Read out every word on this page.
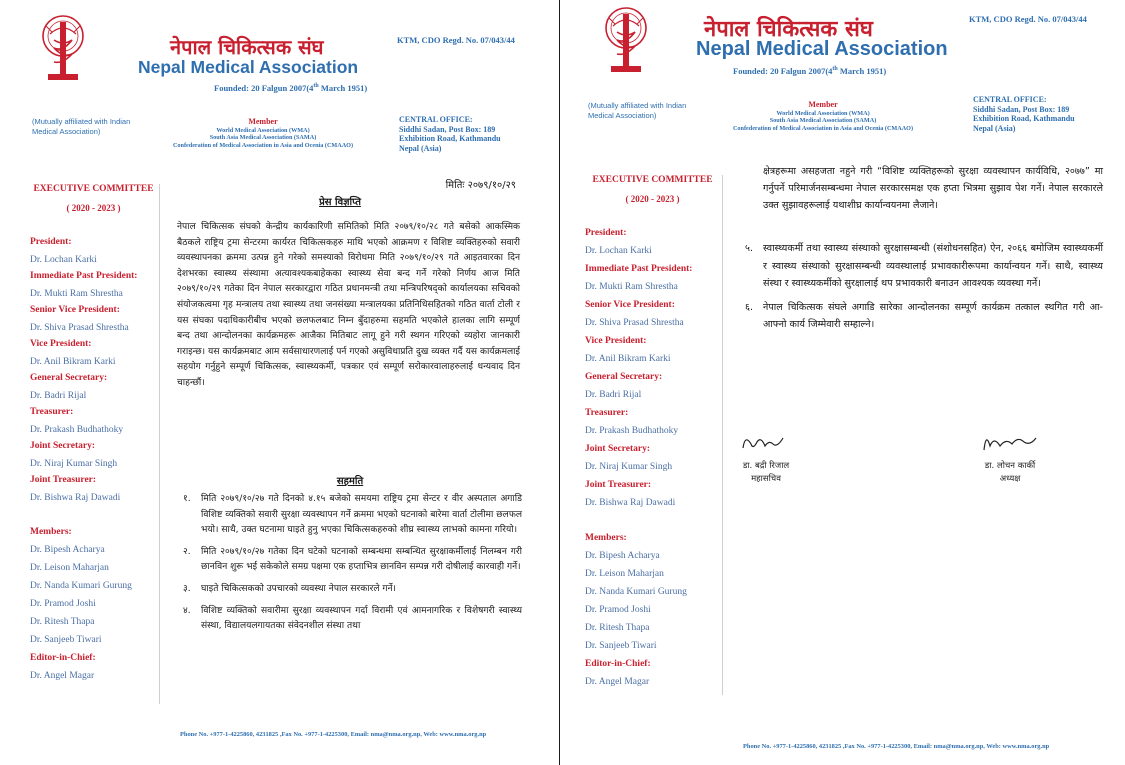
नेपाल चिकित्सक संघ
Nepal Medical Association
KTM, CDO Regd. No. 07/043/44
Founded: 20 Falgun 2007(4th March 1951)
(Mutually affiliated with Indian Medical Association)
Member
World Medical Association (WMA)
South Asia Medical Association (SAMA)
Confederation of Medical Association in Asia and Ocenia (CMAAO)
CENTRAL OFFICE:
Siddhi Sadan, Post Box: 189
Exhibition Road, Kathmandu
Nepal (Asia)
EXECUTIVE COMMITTEE
( 2020 - 2023 )
President:
Dr. Lochan Karki
Immediate Past President:
Dr. Mukti Ram Shrestha
Senior Vice President:
Dr. Shiva Prasad Shrestha
Vice President:
Dr. Anil Bikram Karki
General Secretary:
Dr. Badri Rijal
Treasurer:
Dr. Prakash Budhathoky
Joint Secretary:
Dr. Niraj Kumar Singh
Joint Treasurer:
Dr. Bishwa Raj Dawadi
Members:
Dr. Bipesh Acharya
Dr. Leison Maharjan
Dr. Nanda Kumari Gurung
Dr. Pramod Joshi
Dr. Ritesh Thapa
Dr. Sanjeeb Tiwari
Editor-in-Chief:
Dr. Angel Magar
मितिः २०७९/१०/२९
प्रेस विज्ञप्ति
नेपाल चिकित्सक संघको केन्द्रीय कार्यकारिणी समितिको मिति २०७९/१०/२८ गते बसेको आकस्मिक बैठकले राष्ट्रिय ट्रमा सेन्टरमा कार्यरत चिकित्सकहरु माथि भएको आक्रमण र विशिष्ट व्यक्तिहरुको सवारी व्यवस्थापनका क्रममा उत्पन्न हुने गरेको समस्याको विरोधमा मिति २०७९/१०/२९ गते आइतवारका दिन देशभरका स्वास्थ्य संस्थामा अत्यावश्यकबाहेकका स्वास्थ्य सेवा बन्द गर्ने गरेको निर्णय आज मिति २०७९/१०/२९ गतेका दिन नेपाल सरकारद्वारा गठित प्रधानमन्त्री तथा मन्त्रिपरिषद्को कार्यालयका सचिवको संयोजकत्वमा गृह मन्त्रालय तथा स्वास्थ्य तथा जनसंख्या मन्त्रालयका प्रतिनिधिसहितको गठित वार्ता टोली र यस संघका पदाधिकारीबीच भएको छलफलबाट निम्न बुँदाहरुमा सहमति भएकोले हालका लागि सम्पूर्ण बन्द तथा आन्दोलनका कार्यक्रमहरू आजैका मितिबाट लागू हुने गरी स्थगन गरिएको व्यहोरा जानकारी गराइन्छ। यस कार्यक्रमबाट आम सर्वसाधारणलाई पर्न गएको असुविधाप्रति दुख व्यक्त गर्दै यस कार्यक्रमलाई सहयोग गर्नुहुने सम्पूर्ण चिकित्सक, स्वास्थ्यकर्मी, पत्रकार एवं सम्पूर्ण सरोकारवालाहरुलाई धन्यवाद दिन चाहन्छौं।
सहमति
१. मिति २०७९/१०/२७ गते दिनको ४.१५ बजेको समयमा राष्ट्रिय ट्रमा सेन्टर र वीर अस्पताल अगाडि विशिष्ट व्यक्तिको सवारी सुरक्षा व्यवस्थापन गर्ने क्रममा भएको घटनाको बारेमा वार्ता टोलीमा छलफल भयो। साथै, उक्त घटनामा घाइते हुनु भएका चिकित्सकहरुको शीघ्र स्वास्थ्य लाभको कामना गरियो।
२. मिति २०७९/१०/२७ गतेका दिन घटेको घटनाको सम्बन्धमा सम्बन्धित सुरक्षाकर्मीलाई निलम्बन गरी छानविन शुरू भई सकेकोले समग्र पक्षमा एक हप्ताभित्र छानविन सम्पन्न गरी दोषीलाई कारवाही गर्ने।
३. घाइते चिकित्सकको उपचारको व्यवस्था नेपाल सरकारले गर्ने।
४. विशिष्ट व्यक्तिको सवारीमा सुरक्षा व्यवस्थापन गर्दा विरामी एवं आमनागरिक र विशेषगरी स्वास्थ्य संस्था, विद्यालयलगायतका संवेदनशील संस्था तथा
Phone No. +977-1-4225860, 4231825 ,Fax No. +977-1-4225300, Email: nma@nma.org.np, Web: www.nma.org.np
नेपाल चिकित्सक संघ
Nepal Medical Association
KTM, CDO Regd. No. 07/043/44
Founded: 20 Falgun 2007(4th March 1951)
(Mutually affiliated with Indian Medical Association)
Member
World Medical Association (WMA)
South Asia Medical Association (SAMA)
Confederation of Medical Association in Asia and Ocenia (CMAAO)
CENTRAL OFFICE:
Siddhi Sadan, Post Box: 189
Exhibition Road, Kathmandu
Nepal (Asia)
EXECUTIVE COMMITTEE
( 2020 - 2023 )
President:
Dr. Lochan Karki
Immediate Past President:
Dr. Mukti Ram Shrestha
Senior Vice President:
Dr. Shiva Prasad Shrestha
Vice President:
Dr. Anil Bikram Karki
General Secretary:
Dr. Badri Rijal
Treasurer:
Dr. Prakash Budhathoky
Joint Secretary:
Dr. Niraj Kumar Singh
Joint Treasurer:
Dr. Bishwa Raj Dawadi
Members:
Dr. Bipesh Acharya
Dr. Leison Maharjan
Dr. Nanda Kumari Gurung
Dr. Pramod Joshi
Dr. Ritesh Thapa
Dr. Sanjeeb Tiwari
Editor-in-Chief:
Dr. Angel Magar
क्षेत्रहरूमा असहजता नहुने गरी “विशिष्ट व्यक्तिहरूको सुरक्षा व्यवस्थापन कार्यविधि, २०७७” मा गर्नुपर्ने परिमार्जनसम्बन्धमा नेपाल सरकारसमक्ष एक हप्ता भित्रमा सुझाव पेश गर्ने। नेपाल सरकारले उक्त सुझावहरूलाई यथाशीघ्र कार्यान्वयनमा लैजाने।
५. स्वास्थ्यकर्मी तथा स्वास्थ्य संस्थाको सुरक्षासम्बन्धी (संशोधनसहित) ऐन, २०६६ बमोजिम स्वास्थ्यकर्मी र स्वास्थ्य संस्थाको सुरक्षासम्बन्धी व्यवस्थालाई प्रभावकारीरूपमा कार्यान्वयन गर्ने। साथै, स्वास्थ्य संस्था र स्वास्थ्यकर्मीको सुरक्षालाई थप प्रभावकारी बनाउन आवश्यक व्यवस्था गर्ने।
६. नेपाल चिकित्सक संघले अगाडि सारेका आन्दोलनका सम्पूर्ण कार्यक्रम तत्काल स्थगित गरी आ-आफ्नो कार्य जिम्मेवारी सम्हाल्ने।
डा. बद्री रिजाल
महासचिव
डा. लोचन कार्की
अध्यक्ष
Phone No. +977-1-4225860, 4231825 ,Fax No. +977-1-4225300, Email: nma@nma.org.np, Web: www.nma.org.np
